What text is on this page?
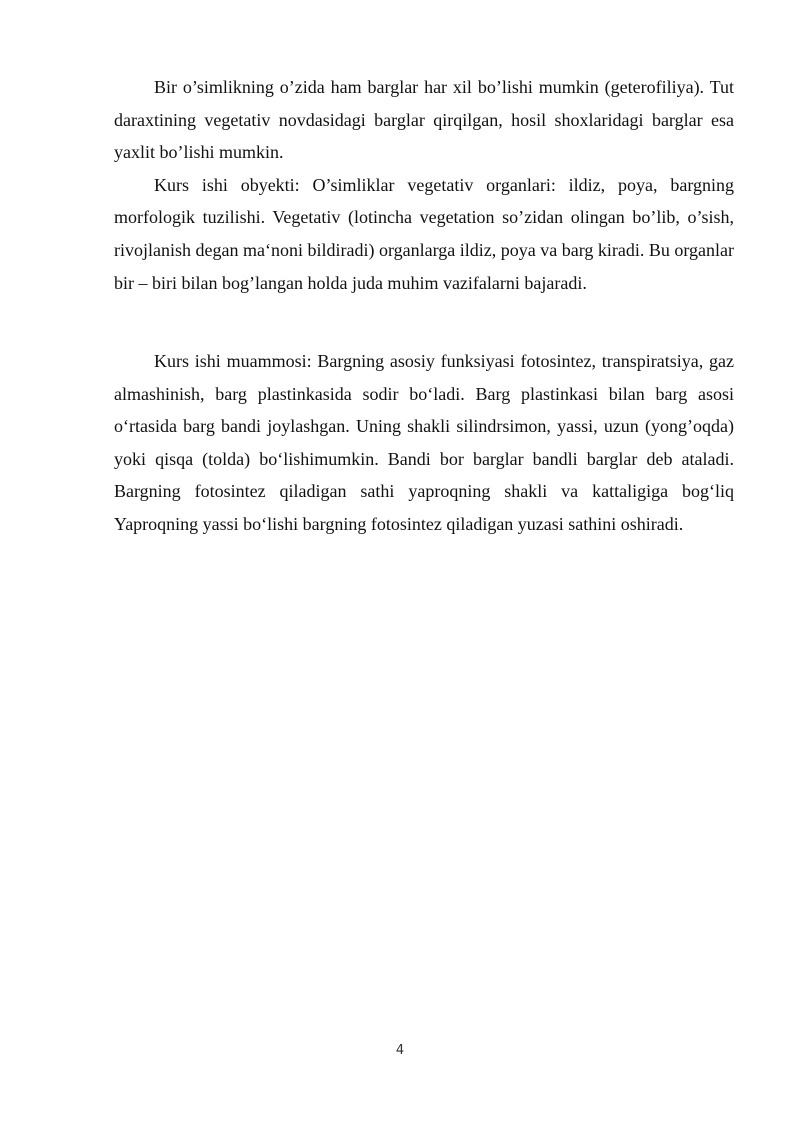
Bir o’simlikning o’zida ham barglar har xil bo’lishi mumkin (geterofiliya). Tut daraxtining vegetativ novdasidagi barglar qirqilgan, hosil shoxlaridagi barglar esa yaxlit bo’lishi mumkin.

Kurs ishi obyekti: O’simliklar vegetativ organlari: ildiz, poya, bargning morfologik tuzilishi. Vegetativ (lotincha vegetation so’zidan olingan bo’lib, o’sish, rivojlanish degan ma‘noni bildiradi) organlarga ildiz, poya va barg kiradi. Bu organlar bir – biri bilan bog’langan holda juda muhim vazifalarni bajaradi.

Kurs ishi muammosi: Bargning asosiy funksiyasi fotosintez, transpiratsiya, gaz almashinish, barg plastinkasida sodir bo‘ladi. Barg plastinkasi bilan barg asosi o‘rtasida barg bandi joylashgan. Uning shakli silindrsimon, yassi, uzun (yong’oqda) yoki qisqa (tolda) bo‘lishimumkin. Bandi bor barglar bandli barglar deb ataladi. Bargning fotosintez qiladigan sathi yaproqning shakli va kattaligiga bog‘liq Yaproqning yassi bo‘lishi bargning fotosintez qiladigan yuzasi sathini oshiradi.

4
